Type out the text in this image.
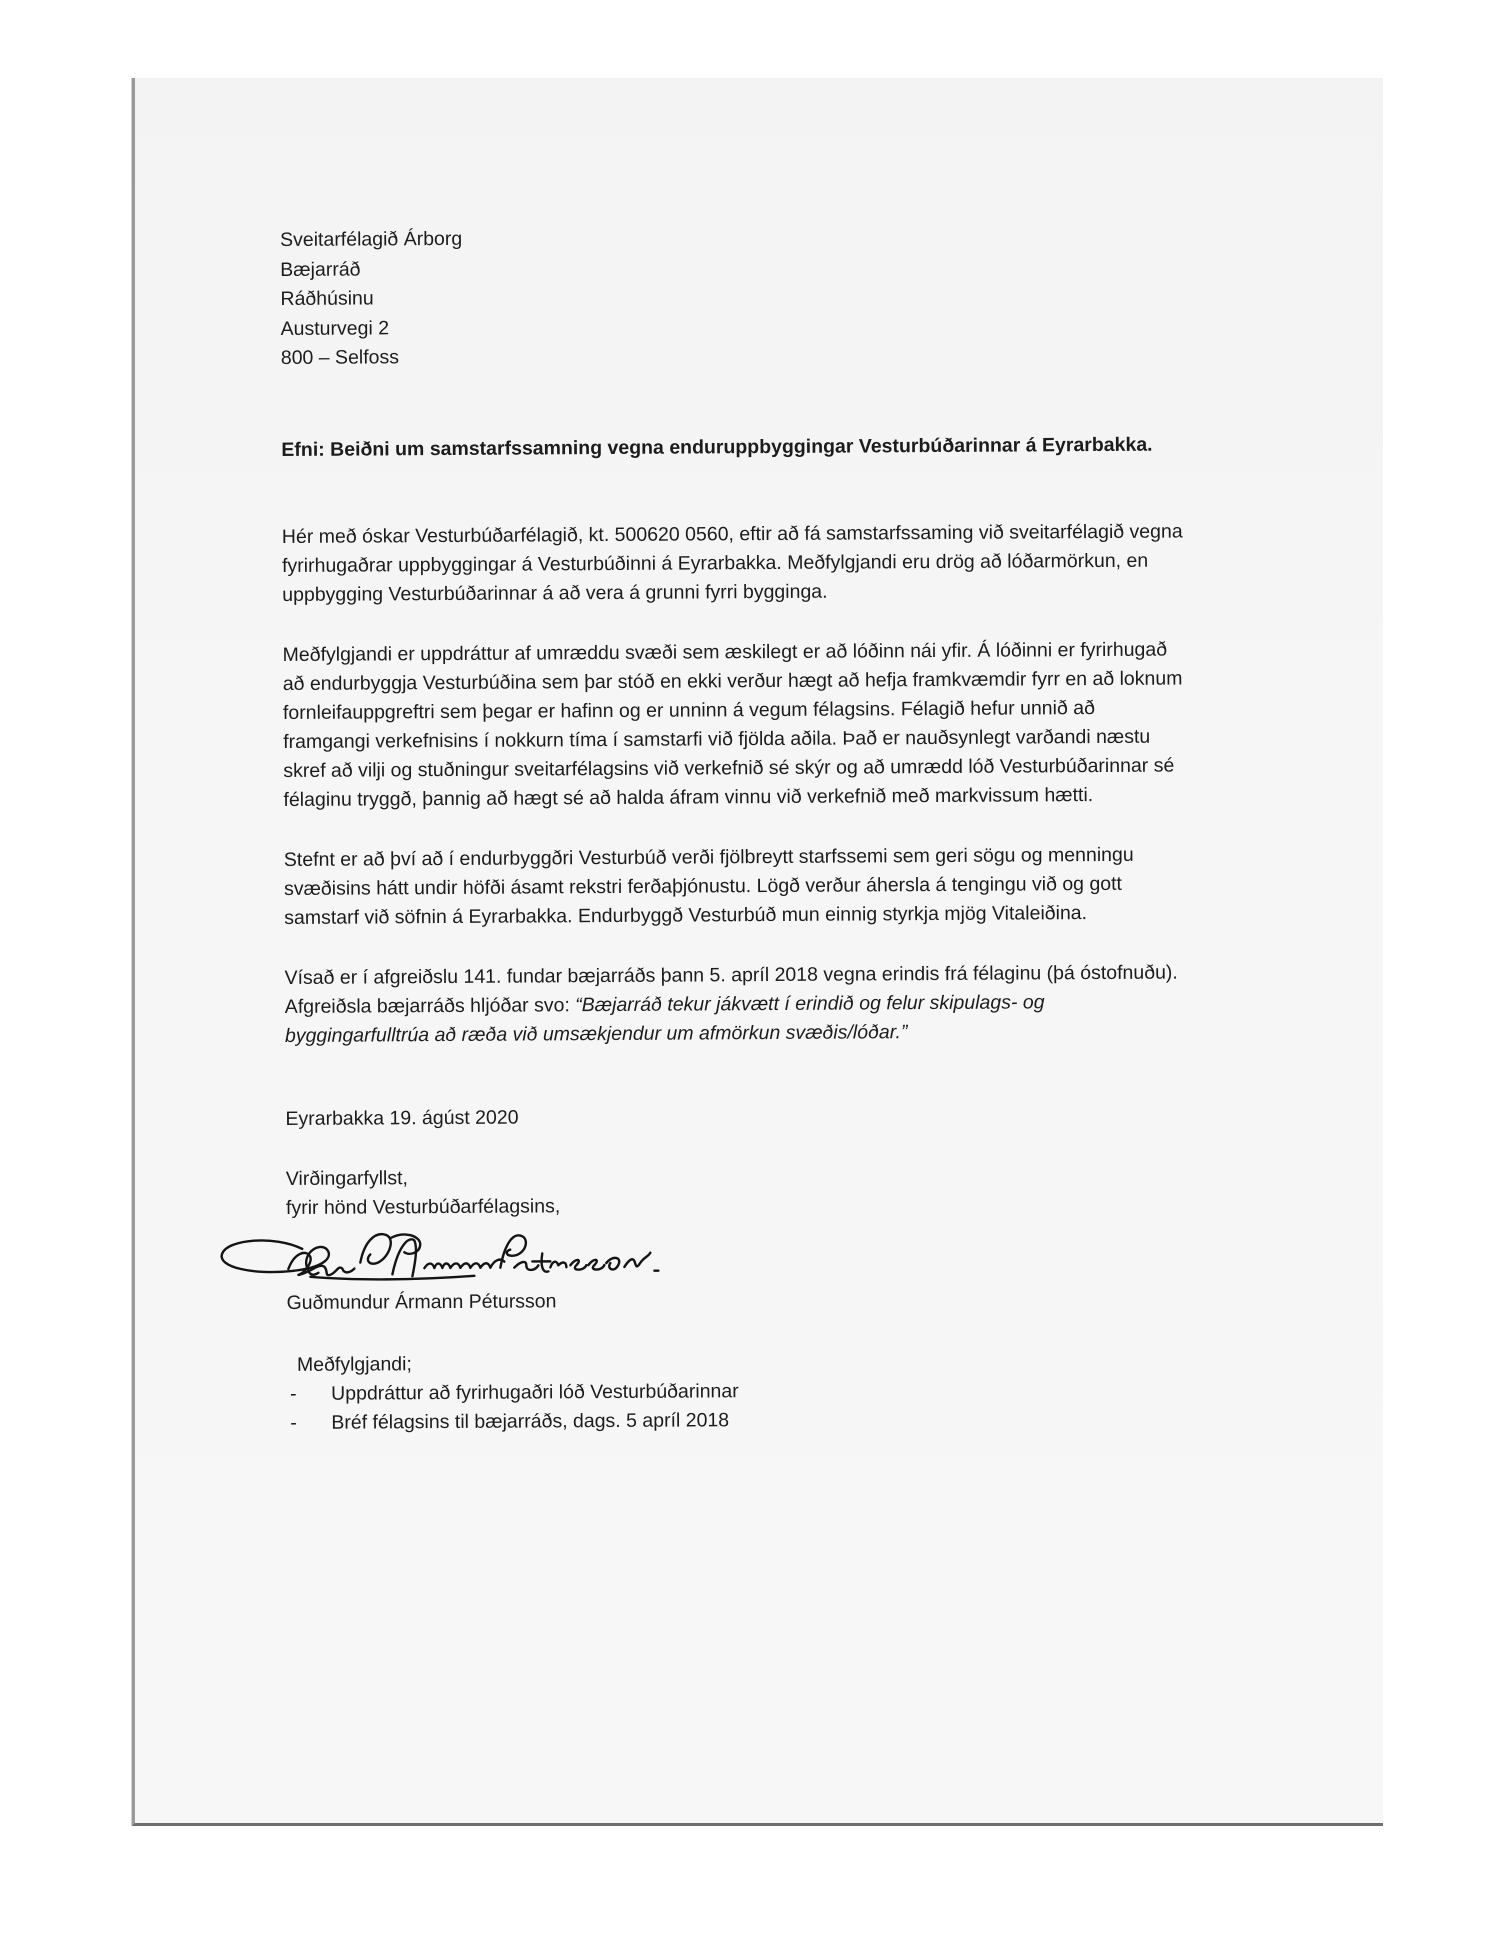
Sveitarfélagið Árborg
Bæjarráð
Ráðhúsinu
Austurvegi 2
800 – Selfoss
Efni: Beiðni um samstarfssamning vegna enduruppbyggingar Vesturbúðarinnar á Eyrarbakka.
Hér með óskar Vesturbúðarfélagið, kt. 500620 0560, eftir að fá samstarfssaming við sveitarfélagið vegna
fyrirhugaðrar uppbyggingar á Vesturbúðinni á Eyrarbakka. Meðfylgjandi eru drög að lóðarmörkun, en
uppbygging Vesturbúðarinnar á að vera á grunni fyrri bygginga.
Meðfylgjandi er uppdráttur af umræddu svæði sem æskilegt er að lóðinn nái yfir. Á lóðinni er fyrirhugað
að endurbyggja Vesturbúðina sem þar stóð en ekki verður hægt að hefja framkvæmdir fyrr en að loknum
fornleifauppgreftri sem þegar er hafinn og er unninn á vegum félagsins. Félagið hefur unnið að
framgangi verkefnisins í nokkurn tíma í samstarfi við fjölda aðila. Það er nauðsynlegt varðandi næstu
skref að vilji og stuðningur sveitarfélagsins við verkefnið sé skýr og að umrædd lóð Vesturbúðarinnar sé
félaginu tryggð, þannig að hægt sé að halda áfram vinnu við verkefnið með markvissum hætti.
Stefnt er að því að í endurbyggðri Vesturbúð verði fjölbreytt starfssemi sem geri sögu og menningu
svæðisins hátt undir höfði ásamt rekstri ferðaþjónustu. Lögð verður áhersla á tengingu við og gott
samstarf við söfnin á Eyrarbakka. Endurbyggð Vesturbúð mun einnig styrkja mjög Vitaleiðina.
Vísað er í afgreiðslu 141. fundar bæjarráðs þann 5. apríl 2018 vegna erindis frá félaginu (þá óstofnuðu).
Afgreiðsla bæjarráðs hljóðar svo: “Bæjarráð tekur jákvætt í erindið og felur skipulags- og
byggingarfulltrúa að ræða við umsækjendur um afmörkun svæðis/lóðar.”
Eyrarbakka 19. ágúst 2020
Virðingarfyllst,
fyrir hönd Vesturbúðarfélagsins,
Guðmundur Ármann Pétursson
Meðfylgjandi;
-	Uppdráttur að fyrirhugaðri lóð Vesturbúðarinnar
-	Bréf félagsins til bæjarráðs, dags. 5 apríl 2018
